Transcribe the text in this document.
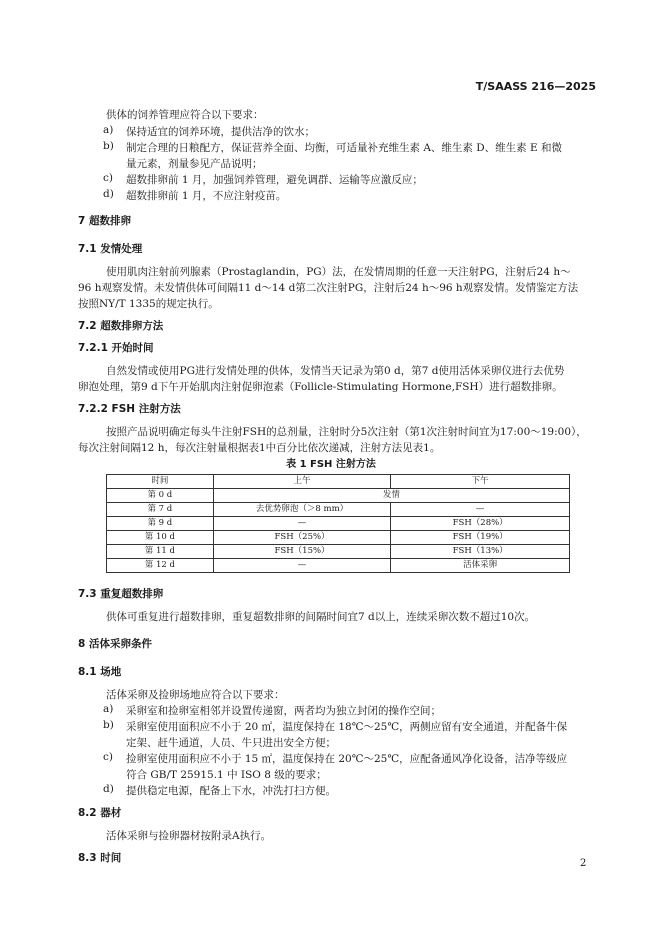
T/SAASS 216—2025
供体的饲养管理应符合以下要求：
a) 保持适宜的饲养环境，提供洁净的饮水；
b) 制定合理的日粮配方，保证营养全面、均衡，可适量补充维生素 A、维生素 D、维生素 E 和微
量元素，剂量参见产品说明；
c) 超数排卵前 1 月，加强饲养管理，避免调群、运输等应激反应；
d) 超数排卵前 1 月，不应注射疫苗。
7 超数排卵
7.1 发情处理
使用肌肉注射前列腺素（Prostaglandin，PG）法，在发情周期的任意一天注射PG，注射后24 h～
96 h观察发情。未发情供体可间隔11 d～14 d第二次注射PG，注射后24 h～96 h观察发情。发情鉴定方法
按照NY/T 1335的规定执行。
7.2 超数排卵方法
7.2.1 开始时间
自然发情或使用PG进行发情处理的供体，发情当天记录为第0 d，第7 d使用活体采卵仪进行去优势
卵泡处理，第9 d下午开始肌肉注射促卵泡素（Follicle-Stimulating Hormone,FSH）进行超数排卵。
7.2.2 FSH 注射方法
按照产品说明确定每头牛注射FSH的总剂量，注射时分5次注射（第1次注射时间宜为17:00～19:00），
每次注射间隔12 h，每次注射量根据表1中百分比依次递减，注射方法见表1。
表 1 FSH 注射方法
时间	上午	下午
第 0 d	发情	
第 7 d	去优势卵泡（＞8 mm）	—
第 9 d	—	FSH（28%）
第 10 d	FSH（25%）	FSH（19%）
第 11 d	FSH（15%）	FSH（13%）
第 12 d	—	活体采卵
7.3 重复超数排卵
供体可重复进行超数排卵，重复超数排卵的间隔时间宜7 d以上，连续采卵次数不超过10次。
8 活体采卵条件
8.1 场地
活体采卵及捡卵场地应符合以下要求：
a) 采卵室和捡卵室相邻并设置传递窗，两者均为独立封闭的操作空间；
b) 采卵室使用面积应不小于 20 ㎡，温度保持在 18℃～25℃，两侧应留有安全通道，并配备牛保
定架、赶牛通道，人员、牛只进出安全方便；
c) 捡卵室使用面积应不小于 15 ㎡，温度保持在 20℃～25℃，应配备通风净化设备，洁净等级应
符合 GB/T 25915.1 中 ISO 8 级的要求；
d) 提供稳定电源，配备上下水，冲洗打扫方便。
8.2 器材
活体采卵与捡卵器材按附录A执行。
8.3 时间	2
